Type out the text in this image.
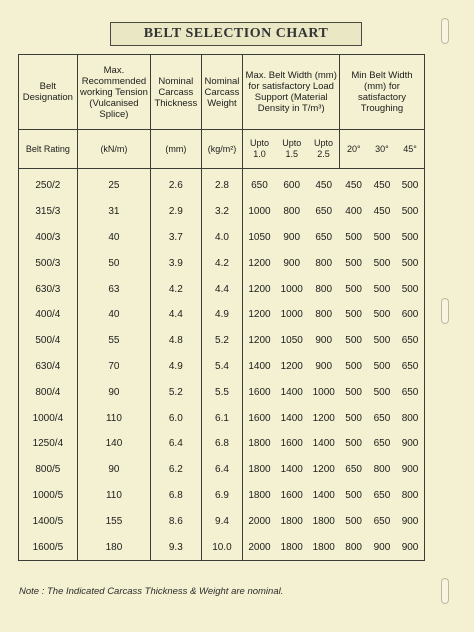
BELT SELECTION CHART
Belt Designation	Max. Recommended working Tension (Vulcanised Splice)	Nominal Carcass Thickness	Nominal Carcass Weight	Max. Belt Width (mm) for satisfactory Load Support (Material Density in T/m³)			Min Belt Width (mm) for satisfactory Troughing		
Belt Rating	(kN/m)	(mm)	(kg/m²)	Upto 1.0	Upto 1.5	Upto 2.5	20°	30°	45°
250/2	25	2.6	2.8	650	600	450	450	450	500
315/3	31	2.9	3.2	1000	800	650	400	450	500
400/3	40	3.7	4.0	1050	900	650	500	500	500
500/3	50	3.9	4.2	1200	900	800	500	500	500
630/3	63	4.2	4.4	1200	1000	800	500	500	500
400/4	40	4.4	4.9	1200	1000	800	500	500	600
500/4	55	4.8	5.2	1200	1050	900	500	500	650
630/4	70	4.9	5.4	1400	1200	900	500	500	650
800/4	90	5.2	5.5	1600	1400	1000	500	500	650
1000/4	110	6.0	6.1	1600	1400	1200	500	650	800
1250/4	140	6.4	6.8	1800	1600	1400	500	650	900
800/5	90	6.2	6.4	1800	1400	1200	650	800	900
1000/5	110	6.8	6.9	1800	1600	1400	500	650	800
1400/5	155	8.6	9.4	2000	1800	1800	500	650	900
1600/5	180	9.3	10.0	2000	1800	1800	800	900	900
Note : The Indicated Carcass Thickness & Weight are nominal.
